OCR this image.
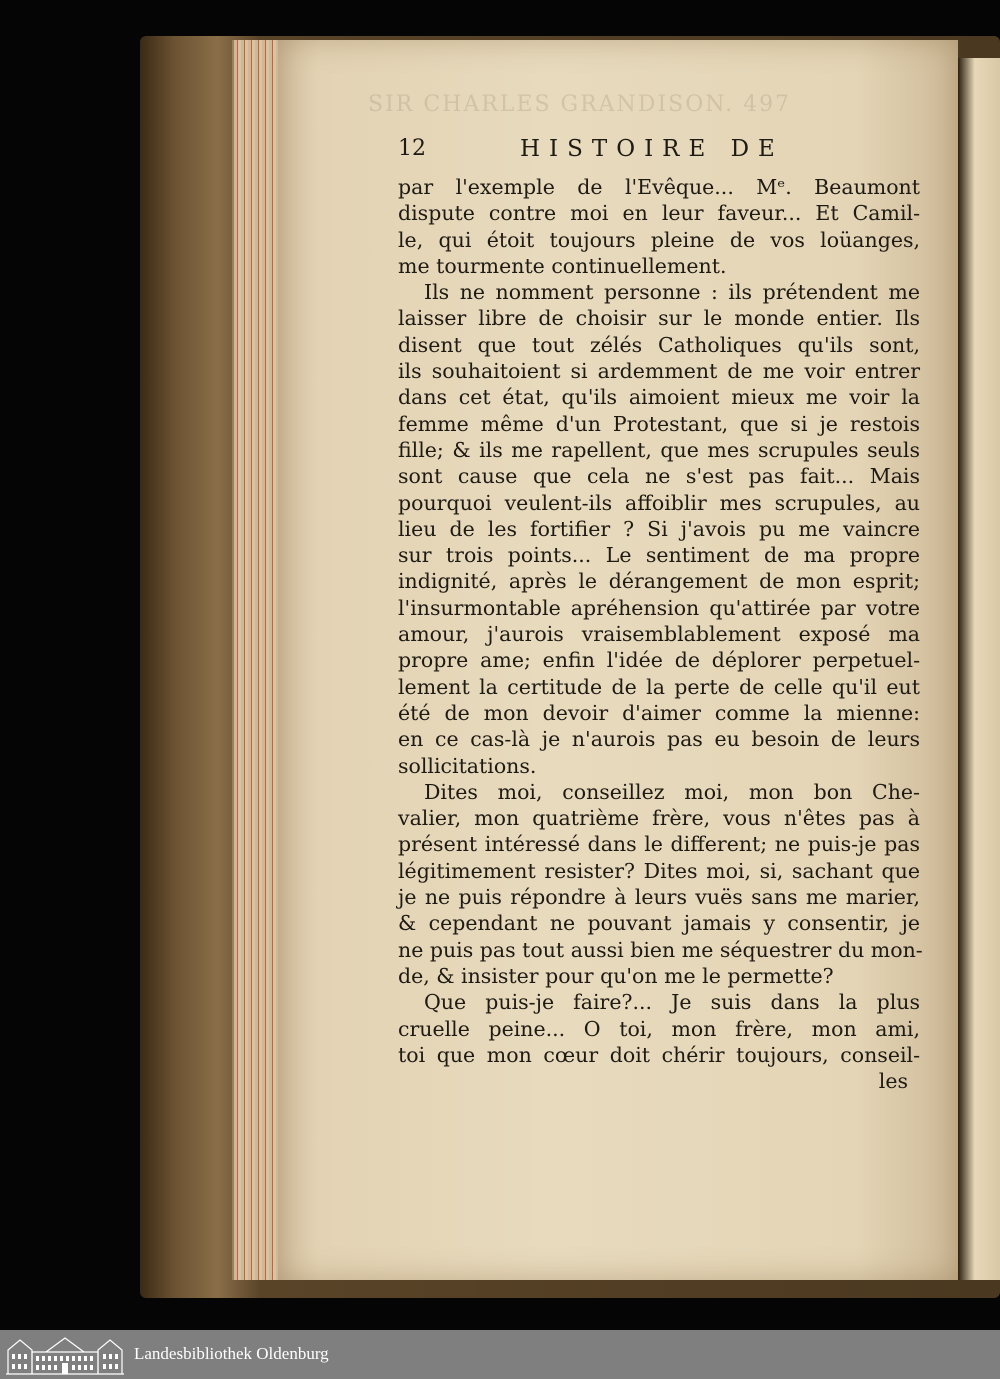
SIR CHARLES GRANDISON. 497
12	HISTOIRE DE
par l'exemple de l'Evêque... Mᵉ. Beaumont
dispute contre moi en leur faveur... Et Camil-
le, qui étoit toujours pleine de vos loüanges,
me tourmente continuellement.
Ils ne nomment personne : ils prétendent me
laisser libre de choisir sur le monde entier. Ils
disent que tout zélés Catholiques qu'ils sont,
ils souhaitoient si ardemment de me voir entrer
dans cet état, qu'ils aimoient mieux me voir la
femme même d'un Protestant, que si je restois
fille; & ils me rapellent, que mes scrupules seuls
sont cause que cela ne s'est pas fait... Mais
pourquoi veulent-ils affoiblir mes scrupules, au
lieu de les fortifier ? Si j'avois pu me vaincre
sur trois points... Le sentiment de ma propre
indignité, après le dérangement de mon esprit;
l'insurmontable apréhension qu'attirée par votre
amour, j'aurois vraisemblablement exposé ma
propre ame; enfin l'idée de déplorer perpetuel-
lement la certitude de la perte de celle qu'il eut
été de mon devoir d'aimer comme la mienne:
en ce cas-là je n'aurois pas eu besoin de leurs
sollicitations.
Dites moi, conseillez moi, mon bon Che-
valier, mon quatrième frère, vous n'êtes pas à
présent intéressé dans le different; ne puis-je pas
légitimement resister? Dites moi, si, sachant que
je ne puis répondre à leurs vuës sans me marier,
& cependant ne pouvant jamais y consentir, je
ne puis pas tout aussi bien me séquestrer du mon-
de, & insister pour qu'on me le permette?
Que puis-je faire?... Je suis dans la plus
cruelle peine... O toi, mon frère, mon ami,
toi que mon cœur doit chérir toujours, conseil-
les
Landesbibliothek Oldenburg
